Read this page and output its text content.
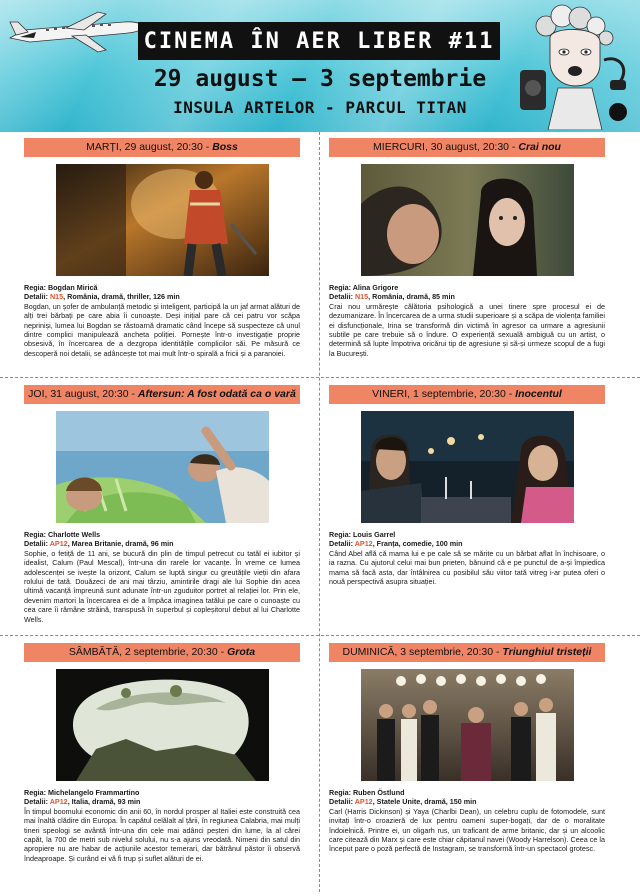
CINEMA ÎN AER LIBER #11
29 august – 3 septembrie
INSULA ARTELOR - PARCUL TITAN
MARȚI, 29 august, 20:30 - Boss
Regia: Bogdan Mirică
Detalii: N15, România, dramă, thriller, 126 min

Bogdan, un șofer de ambulanță metodic și inteligent, participă la un jaf armat alături de alți trei bărbați pe care abia îi cunoaște. Deși inițial pare că cei patru vor scăpa nepriniși, lumea lui Bogdan se răstoarnă dramatic când începe să suspecteze că unul dintre complici manipulează ancheta poliției. Pornește într-o investigație proprie obsesivă, în încercarea de a dezgropa identitățile complicilor săi. Pe măsură ce descoperă noi detalii, se adâncește tot mai mult într-o spirală a fricii și a paranoiei.

MIERCURI, 30 august, 20:30 - Crai nou
Regia: Alina Grigore
Detalii: N15, România, dramă, 85 min

Crai nou urmărește călătoria psihologică a unei tinere spre procesul ei de dezumanizare. În încercarea de a urma studii superioare și a scăpa de violența familiei ei disfuncționale, Irina se transformă din victimă în agresor ca urmare a agresiunii subtile pe care trebuie să o îndure. O experiență sexuală ambiguă cu un artist, o determină să lupte împotriva oricărui tip de agresiune și să-și urmeze scopul de a fugi la București.

JOI, 31 august, 20:30 - Aftersun: A fost odată ca o vară
Regia: Charlotte Wells
Detalii: AP12, Marea Britanie, dramă, 96 min

Sophie, o fetiță de 11 ani, se bucură din plin de timpul petrecut cu tatăl ei iubitor și idealist, Calum (Paul Mescal), într-una din rarele lor vacanțe. În vreme ce lumea adolescenței se ivește la orizont, Calum se luptă singur cu greutățile vieții din afara rolului de tată. Douăzeci de ani mai târziu, amintirile dragi ale lui Sophie din acea ultimă vacanță împreună sunt adunate într-un zguduitor portret al relației lor. Prin ele, devenim martori la încercarea ei de a împăca imaginea tatălui pe care o cunoaște cu cea care îi rămâne străină, transpusă în superbul și copleșitorul debut al lui Charlotte Wells.

VINERI, 1 septembrie, 20:30 - Inocentul
Regia: Louis Garrel
Detalii: AP12, Franța, comedie, 100 min

Când Abel află că mama lui e pe cale să se mărite cu un bărbat aflat în închisoare, o ia razna. Cu ajutorul celui mai bun prieten, bănuind că e pe punctul de a-și împiedica mama să facă asta, dar întâlnirea cu posibilul său viitor tată vitreg i-ar putea oferi o nouă perspectivă asupra situației.

SÂMBĂTĂ, 2 septembrie, 20:30 - Grota
Regia: Michelangelo Frammartino
Detalii: AP12, Italia, dramă, 93 min

În timpul boomului economic din anii 60, în nordul prosper al Italiei este construită cea mai înaltă clădire din Europa. În capătul celălalt al țării, în regiunea Calabria, mai mulți tineri speologi se avântă într-una din cele mai adânci peșteri din lume, la al cărei capăt, la 700 de metri sub nivelul solului, nu s-a ajuns vreodată. Nimeni din satul din apropiere nu are habar de acțiunile acestor temerari, dar bătrânul păstor îi observă îndeaproape. Și curând ei vă fi trup și suflet alături de ei.

DUMINICĂ, 3 septembrie, 20:30 - Triunghiul tristeții
Regia: Ruben Östlund
Detalii: AP12, Statele Unite, dramă, 150 min

Carl (Harris Dickinson) și Yaya (Charlbi Dean), un celebru cuplu de fotomodele, sunt invitați într-o croazieră de lux pentru oameni super-bogați, dar de o moralitate îndoielnică. Printre ei, un oligarh rus, un traficant de arme britanic, dar și un alcoolic care citează din Marx și care este chiar căpitanul navei (Woody Harrelson). Ceea ce la început pare o poză perfectă de Instagram, se transformă într-un spectacol grotesc.
